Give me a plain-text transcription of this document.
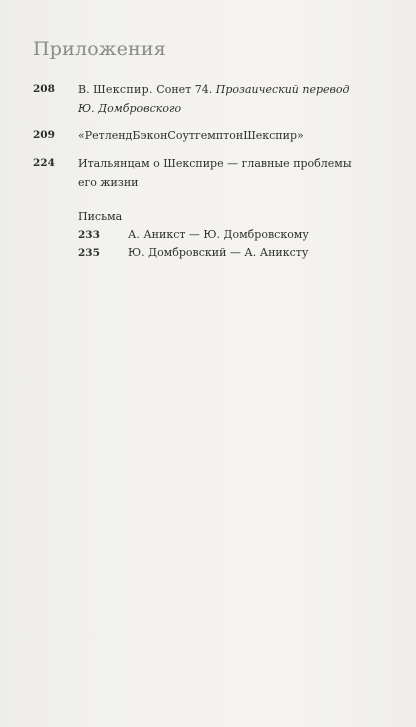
Приложения
208	В. Шекспир. Сонет 74. Прозаический перевод Ю. Домбровского
209	«РетлендБэконСоутгемптонШекспир»
224	Итальянцам о Шекспире — главные проблемы его жизни
Письма
233	А. Аникст — Ю. Домбровскому
235	Ю. Домбровский — А. Аниксту
